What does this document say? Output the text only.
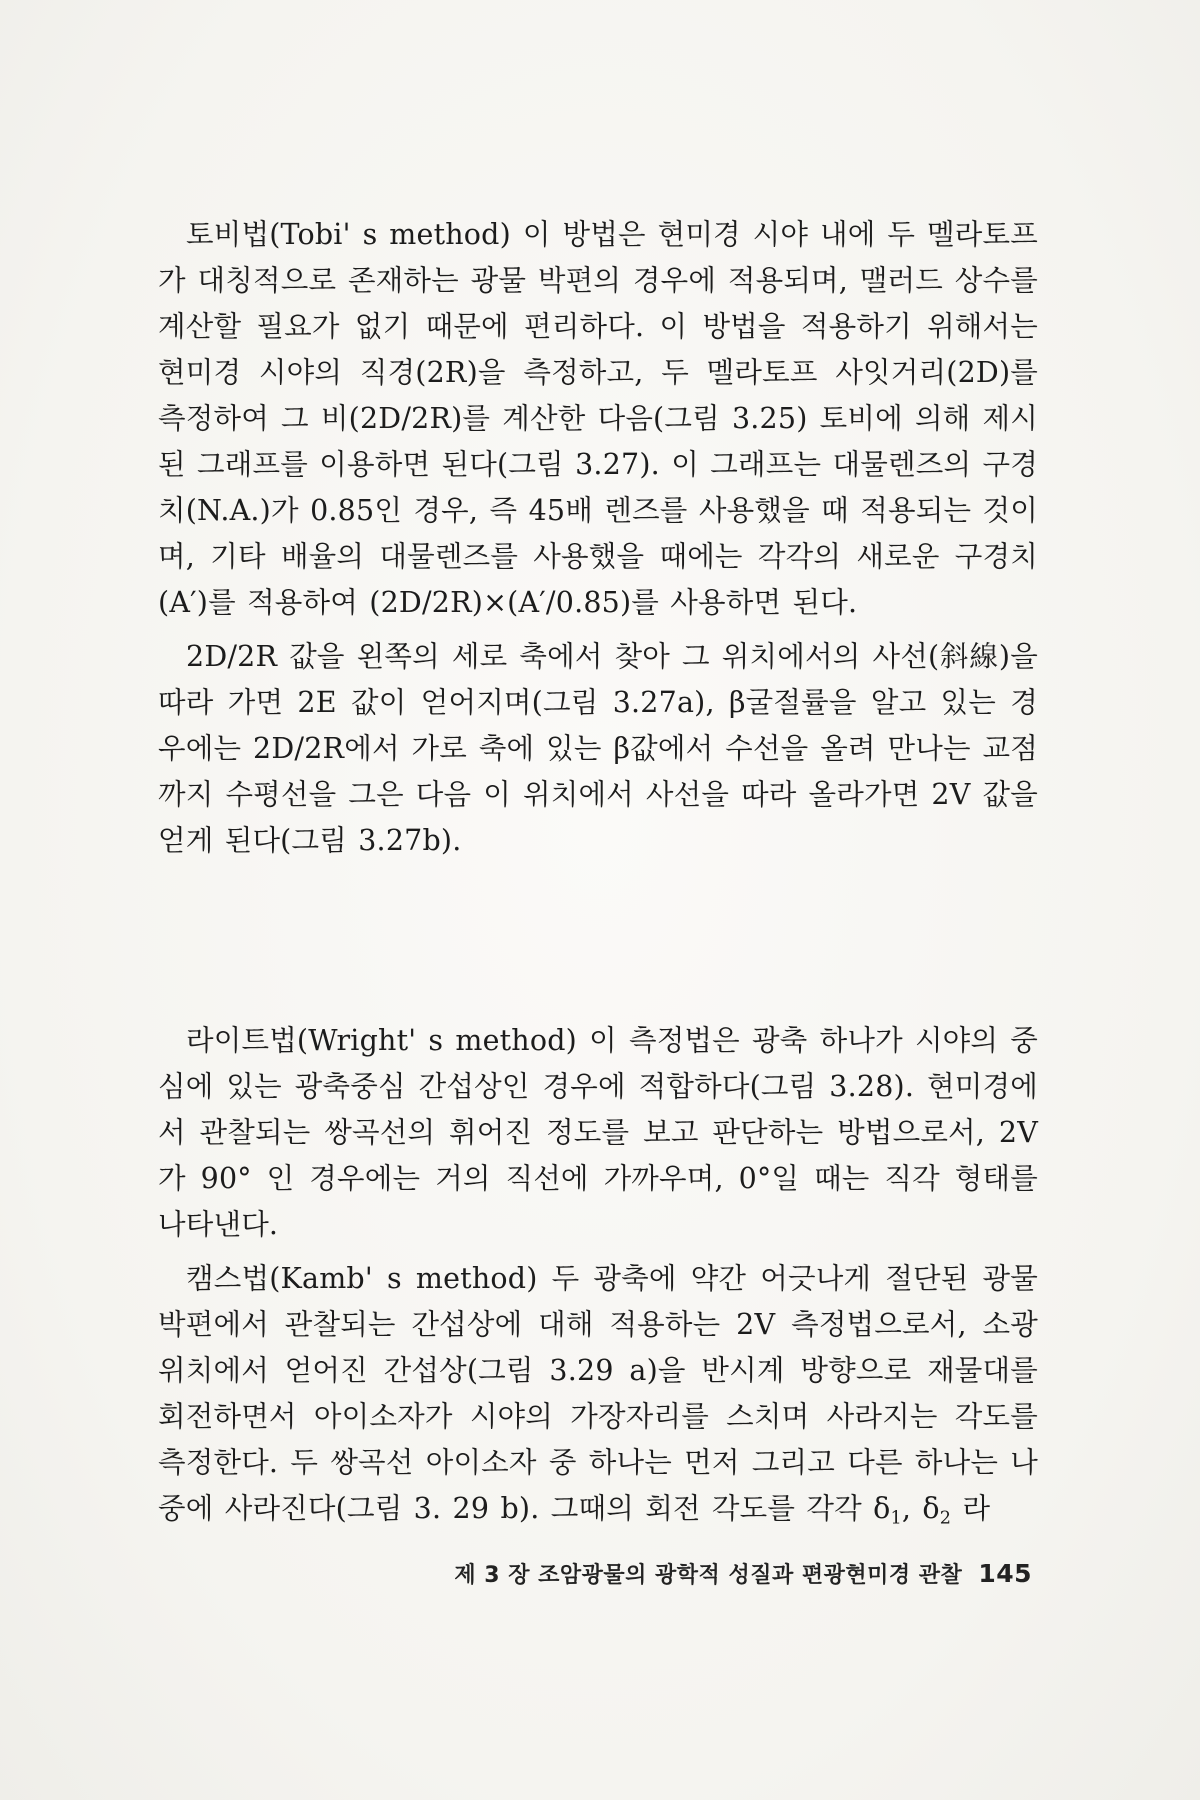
토비법(Tobi' s method) 이 방법은 현미경 시야 내에 두 멜라토프가 대칭적으로 존재하는 광물 박편의 경우에 적용되며, 맬러드 상수를 계산할 필요가 없기 때문에 편리하다. 이 방법을 적용하기 위해서는 현미경 시야의 직경(2R)을 측정하고, 두 멜라토프 사잇거리(2D)를 측정하여 그 비(2D/2R)를 계산한 다음(그림 3.25) 토비에 의해 제시된 그래프를 이용하면 된다(그림 3.27). 이 그래프는 대물렌즈의 구경치(N.A.)가 0.85인 경우, 즉 45배 렌즈를 사용했을 때 적용되는 것이며, 기타 배율의 대물렌즈를 사용했을 때에는 각각의 새로운 구경치(A′)를 적용하여 (2D/2R)×(A′/0.85)를 사용하면 된다.

2D/2R 값을 왼쪽의 세로 축에서 찾아 그 위치에서의 사선(斜線)을 따라 가면 2E 값이 얻어지며(그림 3.27a), β굴절률을 알고 있는 경우에는 2D/2R에서 가로 축에 있는 β값에서 수선을 올려 만나는 교점까지 수평선을 그은 다음 이 위치에서 사선을 따라 올라가면 2V 값을 얻게 된다(그림 3.27b).

라이트법(Wright' s method) 이 측정법은 광축 하나가 시야의 중심에 있는 광축중심 간섭상인 경우에 적합하다(그림 3.28). 현미경에서 관찰되는 쌍곡선의 휘어진 정도를 보고 판단하는 방법으로서, 2V가 90° 인 경우에는 거의 직선에 가까우며, 0°일 때는 직각 형태를 나타낸다.

캠스법(Kamb' s method) 두 광축에 약간 어긋나게 절단된 광물 박편에서 관찰되는 간섭상에 대해 적용하는 2V 측정법으로서, 소광 위치에서 얻어진 간섭상(그림 3.29 a)을 반시계 방향으로 재물대를 회전하면서 아이소자가 시야의 가장자리를 스치며 사라지는 각도를 측정한다. 두 쌍곡선 아이소자 중 하나는 먼저 그리고 다른 하나는 나중에 사라진다(그림 3. 29 b). 그때의 회전 각도를 각각 $\delta_1$, $\delta_2$ 라

제 3 장 조암광물의 광학적 성질과 편광현미경 관찰 145
